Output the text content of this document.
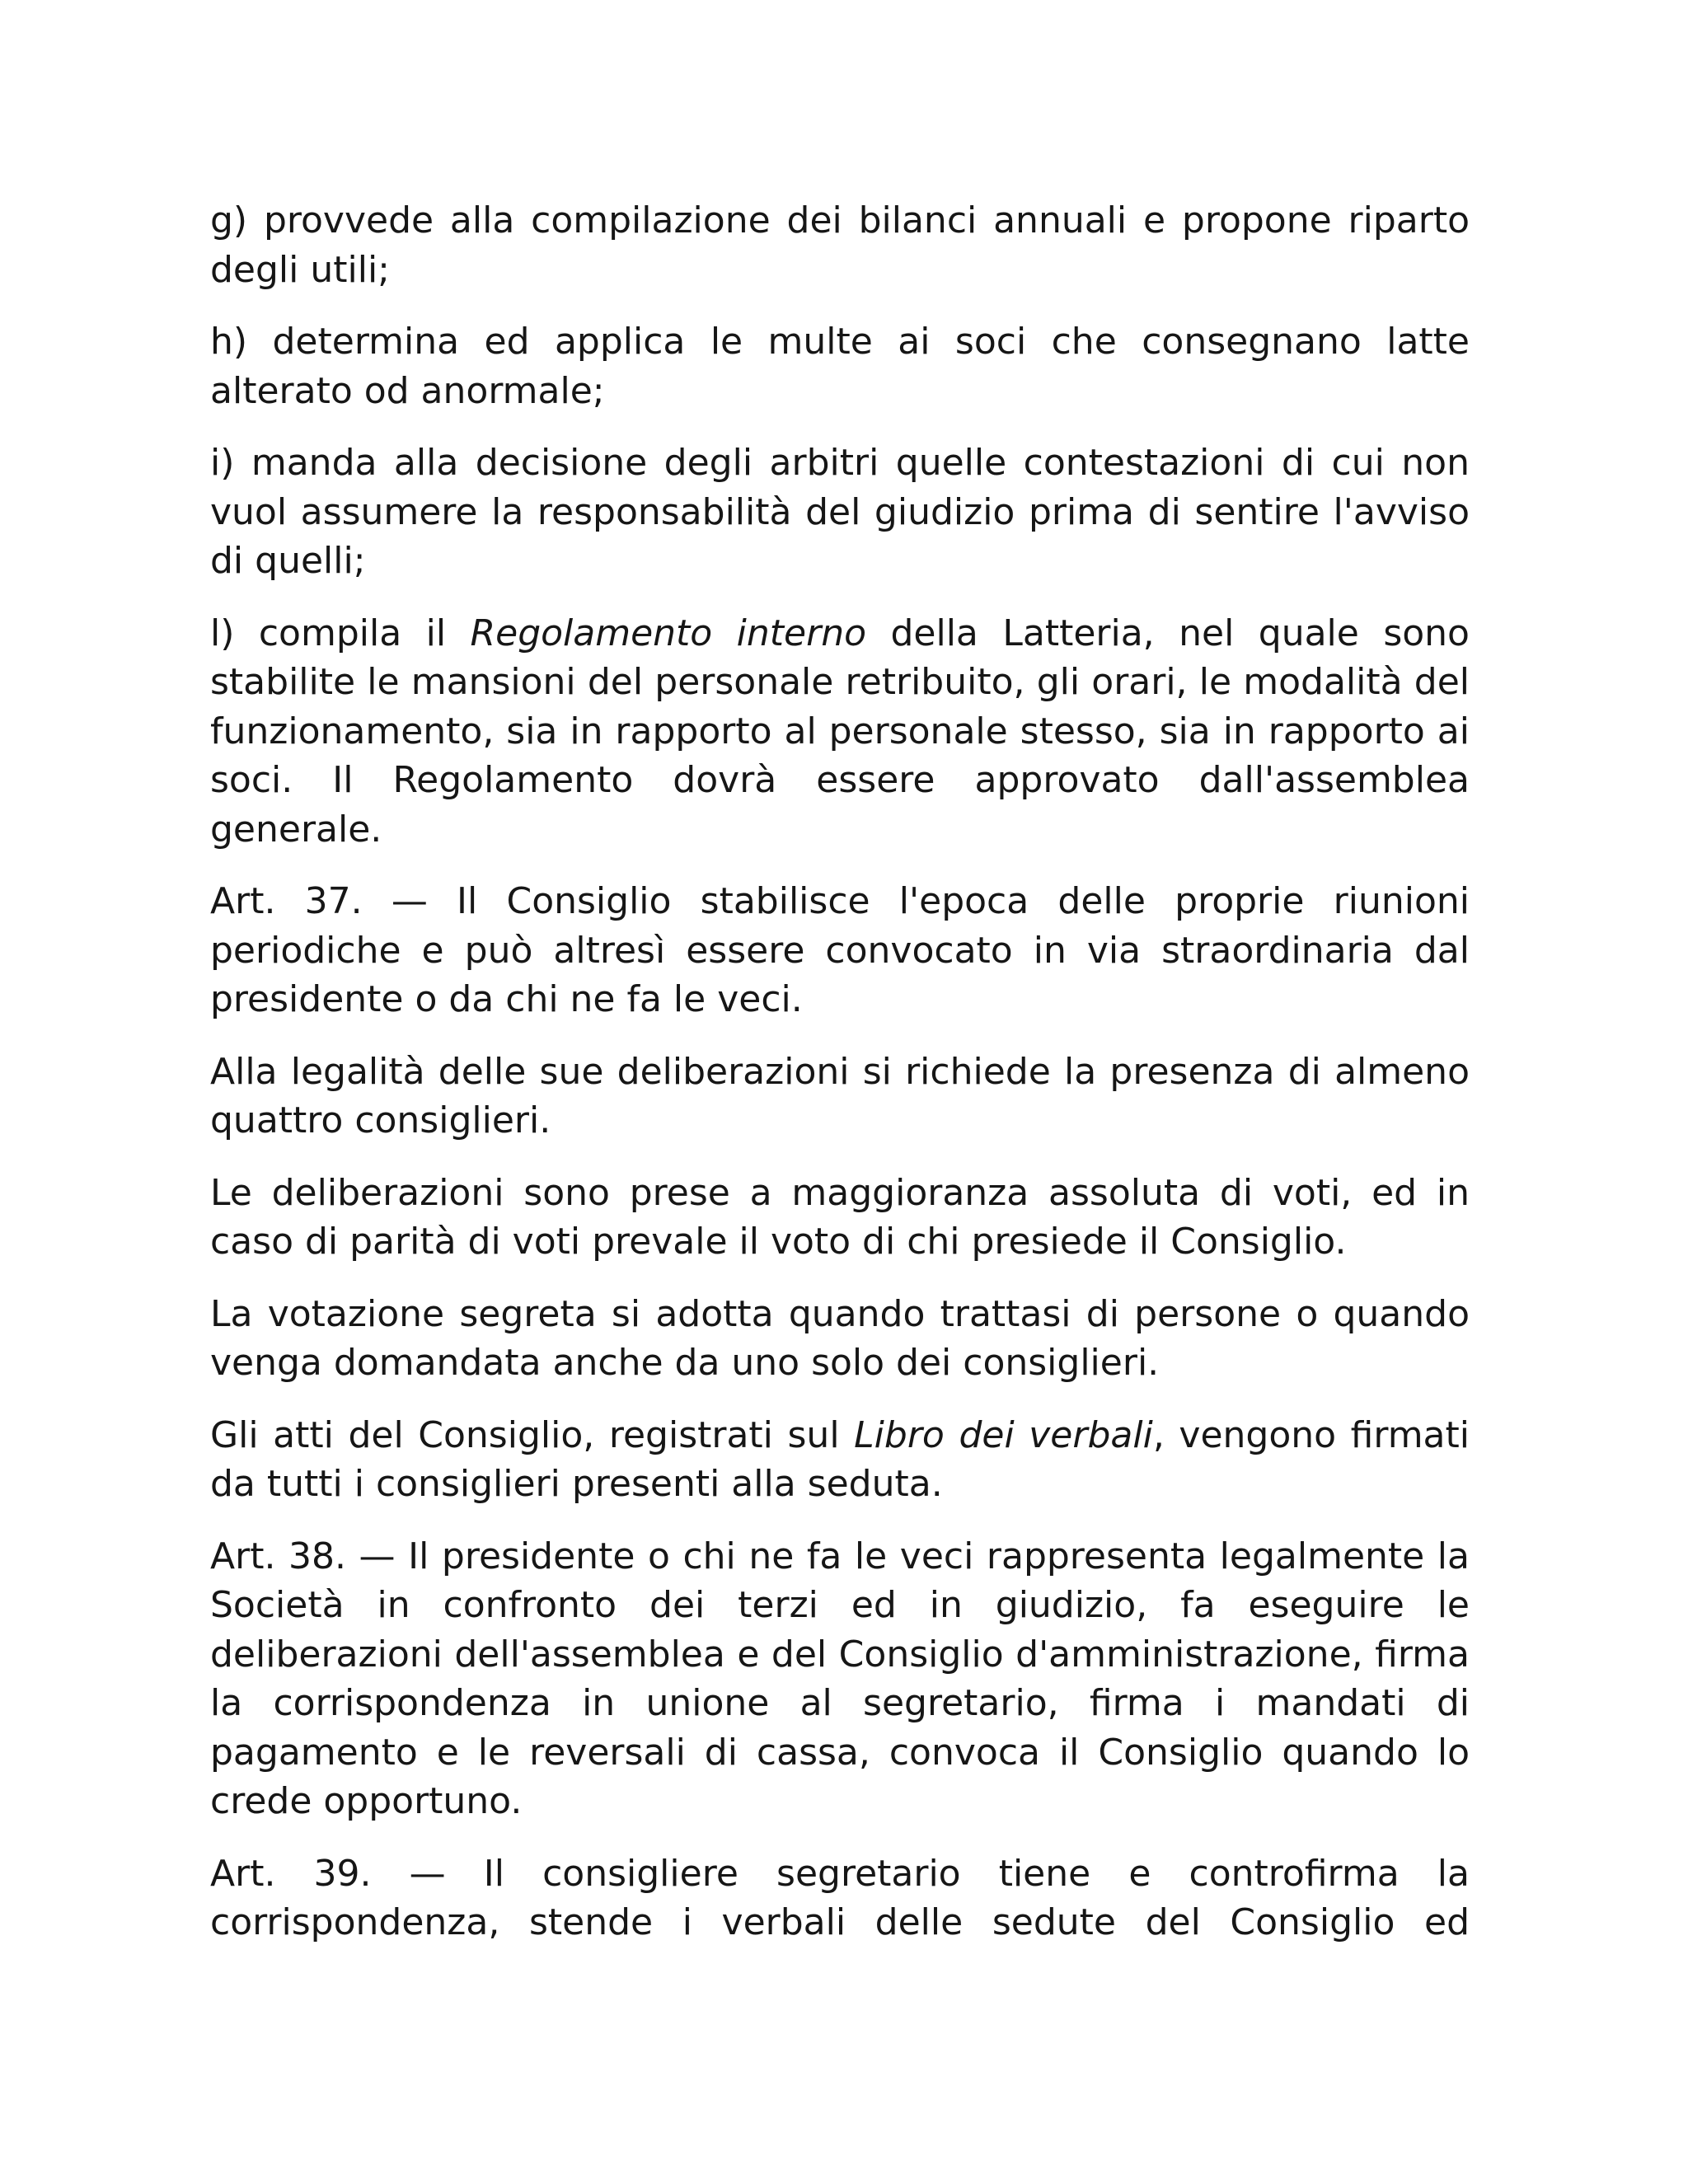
g) provvede alla compilazione dei bilanci annuali e propone riparto degli utili;

h) determina ed applica le multe ai soci che consegnano latte alterato od anormale;

i) manda alla decisione degli arbitri quelle contestazioni di cui non vuol assumere la responsabilità del giudizio prima di sentire l'avviso di quelli;

l) compila il Regolamento interno della Latteria, nel quale sono stabilite le mansioni del personale retribuito, gli orari, le modalità del funzionamento, sia in rapporto al personale stesso, sia in rapporto ai soci. Il Regolamento dovrà essere approvato dall'assemblea generale.

Art. 37. — Il Consiglio stabilisce l'epoca delle proprie riunioni periodiche e può altresì essere convocato in via straordinaria dal presidente o da chi ne fa le veci.

Alla legalità delle sue deliberazioni si richiede la presenza di almeno quattro consiglieri.

Le deliberazioni sono prese a maggioranza assoluta di voti, ed in caso di parità di voti prevale il voto di chi presiede il Consiglio.

La votazione segreta si adotta quando trattasi di persone o quando venga domandata anche da uno solo dei consiglieri.

Gli atti del Consiglio, registrati sul Libro dei verbali, vengono firmati da tutti i consiglieri presenti alla seduta.

Art. 38. — Il presidente o chi ne fa le veci rappresenta legalmente la Società in confronto dei terzi ed in giudizio, fa eseguire le deliberazioni dell'assemblea e del Consiglio d'amministrazione, firma la corrispondenza in unione al segretario, firma i mandati di pagamento e le reversali di cassa, convoca il Consiglio quando lo crede opportuno.

Art. 39. — Il consigliere segretario tiene e controfirma la corrispondenza, stende i verbali delle sedute del Consiglio ed
